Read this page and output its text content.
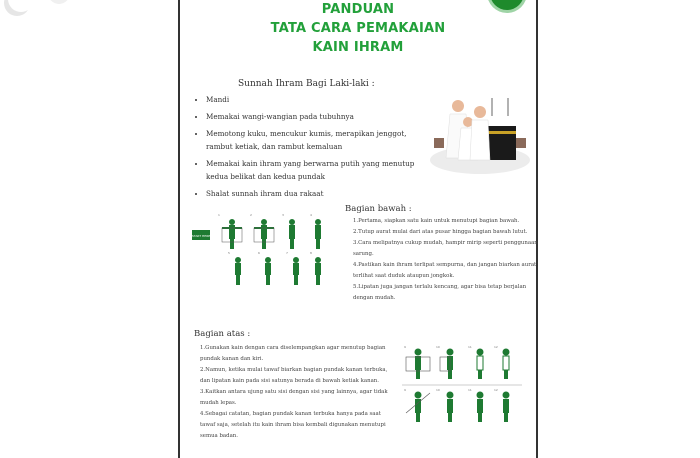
PANDUAN
TATA CARA PEMAKAIAN
KAIN IHRAM
Sunnah Ihram Bagi Laki-laki :
• Mandi
• Memakai wangi-wangian pada tubuhnya
• Memotong kuku, mencukur kumis, merapikan jenggot, rambut ketiak, dan rambut kemaluan
• Memakai kain ihram yang berwarna putih yang menutup kedua belikat dan kedua pundak
• Shalat sunnah ihram dua rakaat
START HERE
1	2	3	4
5	6	7	8
Bagian bawah :
1.Pertama, siapkan satu kain untuk menutupi bagian bawah.
2.Tutup aurat mulai dari atas pusar hingga bagian bawah lutut.
3.Cara melipatnya cukup mudah, hampir mirip seperti penggunaan sarung.
4.Pastikan kain ihram terlipat sempurna, dan jangan biarkan aurat terlihat saat duduk ataupun jongkok.
5.Lipatan juga jangan terlalu kencang, agar bisa tetap berjalan dengan mudah.
Bagian atas :
1.Gunakan kain dengan cara diselempangkan agar menutup bagian pundak kanan dan kiri.
2.Namun, ketika mulai tawaf biarkan bagian pundak kanan terbuka, dan lipatan kain pada sisi satunya berada di bawah ketiak kanan.
3.Kaitkan antara ujung satu sisi dengan sisi yang lainnya, agar tidak mudah lepas.
4.Sebagai catatan, bagian pundak kanan terbuka hanya pada saat tawaf saja, setelah itu kain ihram bisa kembali digunakan menutupi semua badan.
9	10	11	12
9	10	11	12
